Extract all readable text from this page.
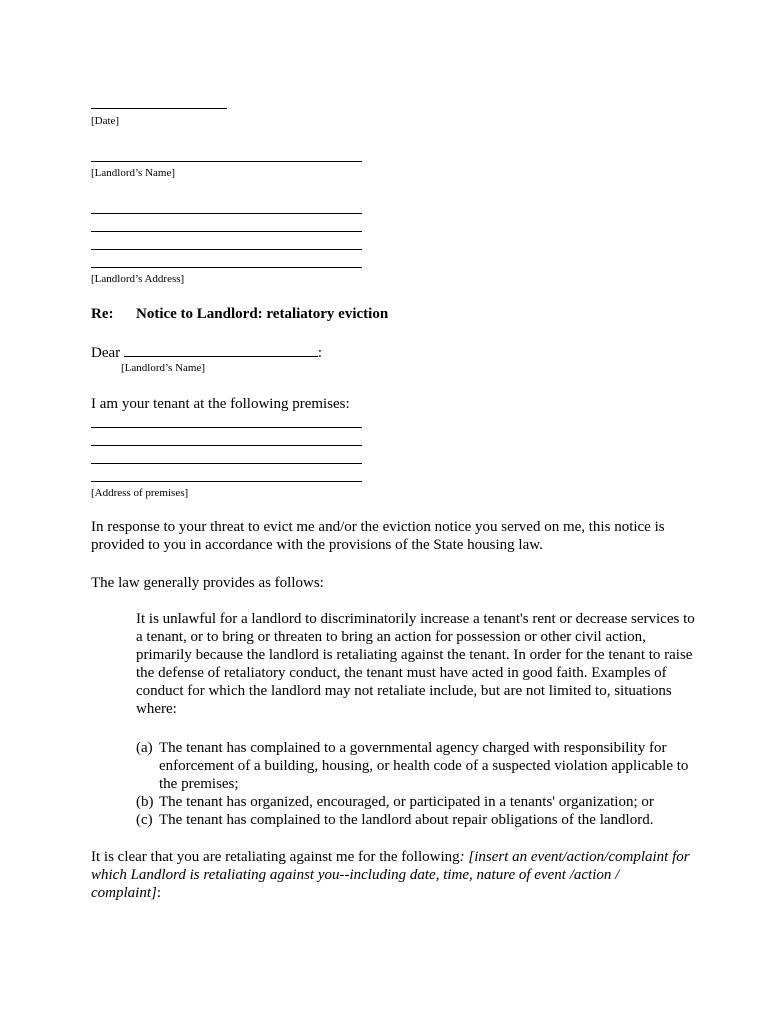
[Date]
[Landlord’s Name]
[Landlord’s Address]
Re: Notice to Landlord: retaliatory eviction
Dear	:
[Landlord’s Name]
I am your tenant at the following premises:
[Address of premises]
In response to your threat to evict me and/or the eviction notice you served on me, this notice is provided to you in accordance with the provisions of the State housing law.
The law generally provides as follows:
It is unlawful for a landlord to discriminatorily increase a tenant's rent or decrease services to a tenant, or to bring or threaten to bring an action for possession or other civil action, primarily because the landlord is retaliating against the tenant. In order for the tenant to raise the defense of retaliatory conduct, the tenant must have acted in good faith. Examples of conduct for which the landlord may not retaliate include, but are not limited to, situations where:
(a) The tenant has complained to a governmental agency charged with responsibility for enforcement of a building, housing, or health code of a suspected violation applicable to the premises;
(b) The tenant has organized, encouraged, or participated in a tenants' organization; or
(c) The tenant has complained to the landlord about repair obligations of the landlord.
It is clear that you are retaliating against me for the following: [insert an event/action/complaint for which Landlord is retaliating against you--including date, time, nature of event /action / complaint]:
